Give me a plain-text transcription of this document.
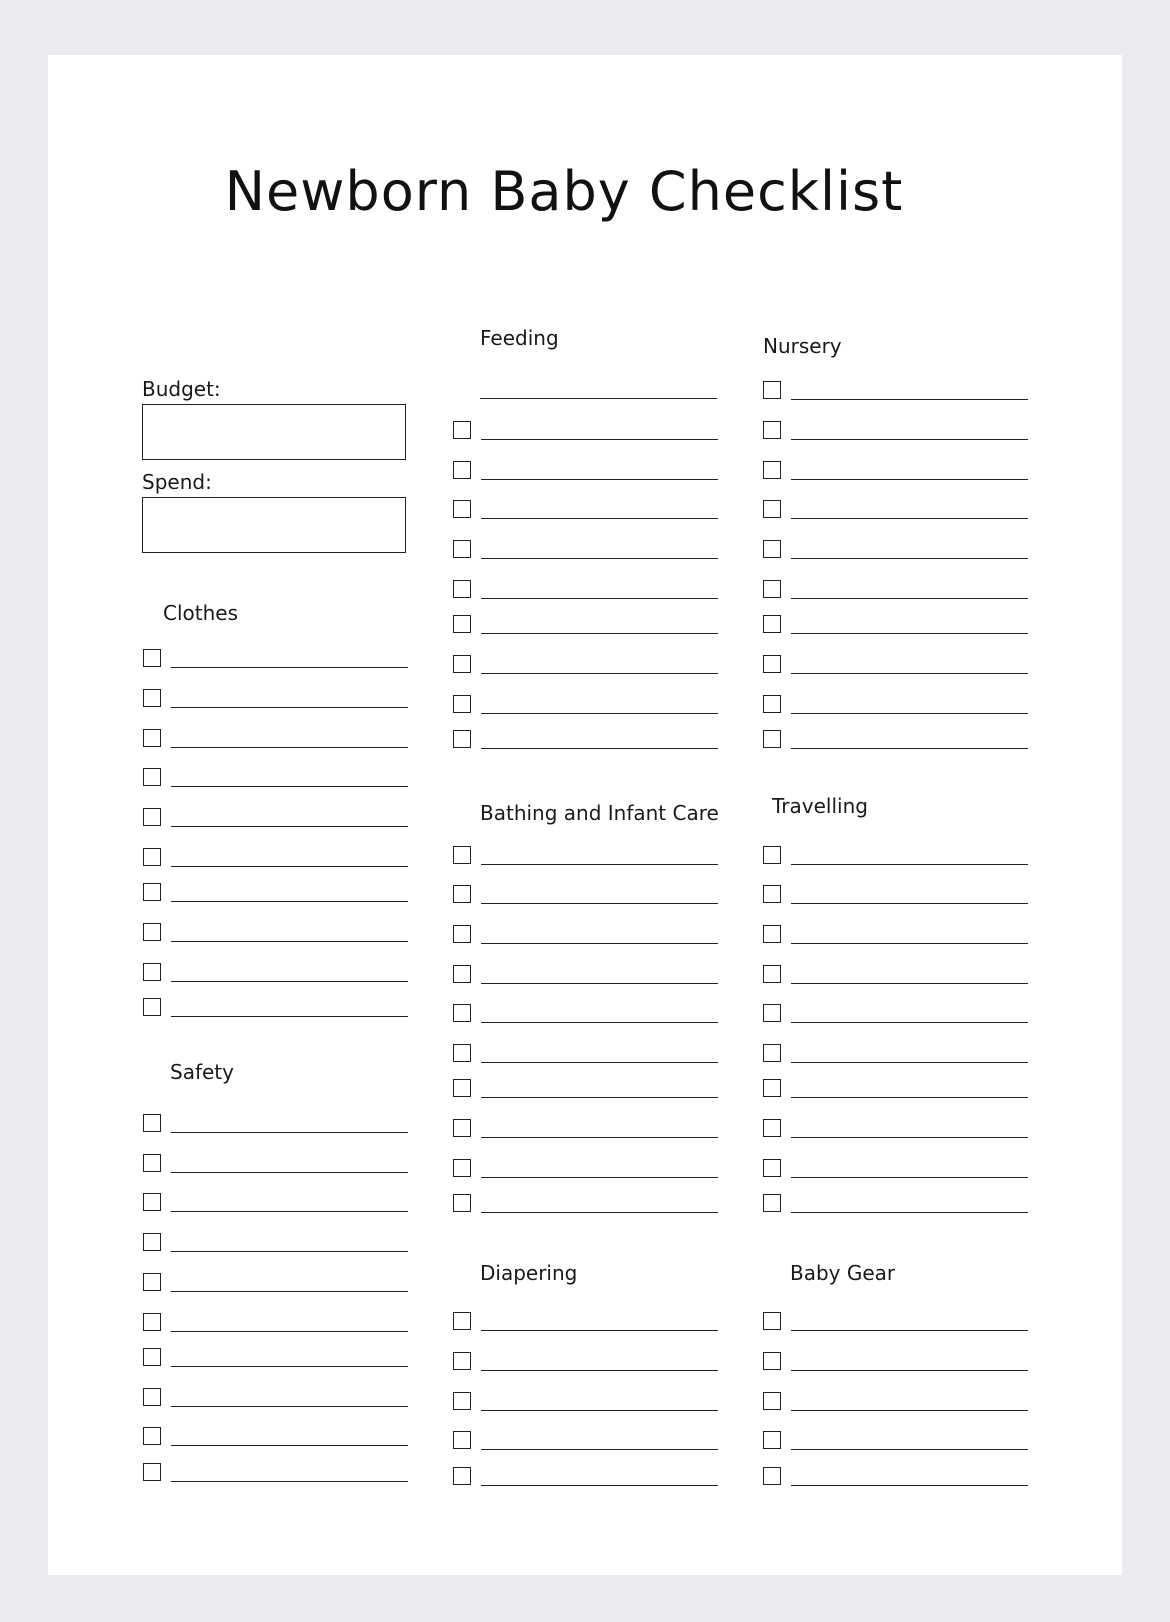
Newborn Baby Checklist
Budget:
Spend:
Clothes
Safety
Feeding
Bathing and Infant Care
Diapering
Nursery
Travelling
Baby Gear
